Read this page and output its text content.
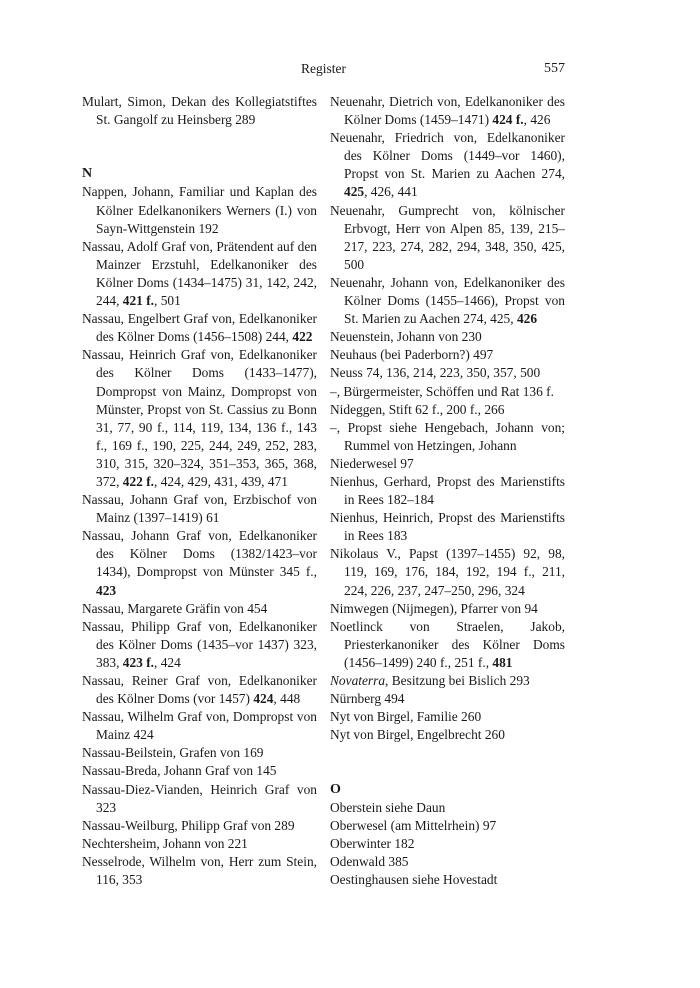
Register	557

Mulart, Simon, Dekan des Kollegiatstiftes St. Gangolf zu Heinsberg 289

N

Nappen, Johann, Familiar und Kaplan des Kölner Edelkanonikers Werners (I.) von Sayn-Wittgenstein 192

Nassau, Adolf Graf von, Prätendent auf den Mainzer Erzstuhl, Edelkanoniker des Kölner Doms (1434–1475) 31, 142, 242, 244, 421 f., 501

Nassau, Engelbert Graf von, Edelkanoniker des Kölner Doms (1456–1508) 244, 422

Nassau, Heinrich Graf von, Edelkanoniker des Kölner Doms (1433–1477), Dompropst von Mainz, Dompropst von Münster, Propst von St. Cassius zu Bonn 31, 77, 90 f., 114, 119, 134, 136 f., 143 f., 169 f., 190, 225, 244, 249, 252, 283, 310, 315, 320–324, 351–353, 365, 368, 372, 422 f., 424, 429, 431, 439, 471

Nassau, Johann Graf von, Erzbischof von Mainz (1397–1419) 61

Nassau, Johann Graf von, Edelkanoniker des Kölner Doms (1382/1423–vor 1434), Dompropst von Münster 345 f., 423

Nassau, Margarete Gräfin von 454

Nassau, Philipp Graf von, Edelkanoniker des Kölner Doms (1435–vor 1437) 323, 383, 423 f., 424

Nassau, Reiner Graf von, Edelkanoniker des Kölner Doms (vor 1457) 424, 448

Nassau, Wilhelm Graf von, Dompropst von Mainz 424

Nassau-Beilstein, Grafen von 169

Nassau-Breda, Johann Graf von 145

Nassau-Diez-Vianden, Heinrich Graf von 323

Nassau-Weilburg, Philipp Graf von 289

Nechtersheim, Johann von 221

Nesselrode, Wilhelm von, Herr zum Stein, 116, 353

Neuenahr, Dietrich von, Edelkanoniker des Kölner Doms (1459–1471) 424 f., 426

Neuenahr, Friedrich von, Edelkanoniker des Kölner Doms (1449–vor 1460), Propst von St. Marien zu Aachen 274, 425, 426, 441

Neuenahr, Gumprecht von, kölnischer Erbvogt, Herr von Alpen 85, 139, 215–217, 223, 274, 282, 294, 348, 350, 425, 500

Neuenahr, Johann von, Edelkanoniker des Kölner Doms (1455–1466), Propst von St. Marien zu Aachen 274, 425, 426

Neuenstein, Johann von 230

Neuhaus (bei Paderborn?) 497

Neuss 74, 136, 214, 223, 350, 357, 500

–, Bürgermeister, Schöffen und Rat 136 f.

Nideggen, Stift 62 f., 200 f., 266

–, Propst siehe Hengebach, Johann von; Rummel von Hetzingen, Johann

Niederwesel 97

Nienhus, Gerhard, Propst des Marienstifts in Rees 182–184

Nienhus, Heinrich, Propst des Marienstifts in Rees 183

Nikolaus V., Papst (1397–1455) 92, 98, 119, 169, 176, 184, 192, 194 f., 211, 224, 226, 237, 247–250, 296, 324

Nimwegen (Nijmegen), Pfarrer von 94

Noetlinck von Straelen, Jakob, Priesterkanoniker des Kölner Doms (1456–1499) 240 f., 251 f., 481

Novaterra, Besitzung bei Bislich 293

Nürnberg 494

Nyt von Birgel, Familie 260

Nyt von Birgel, Engelbrecht 260

O

Oberstein siehe Daun

Oberwesel (am Mittelrhein) 97

Oberwinter 182

Odenwald 385

Oestinghausen siehe Hovestadt
